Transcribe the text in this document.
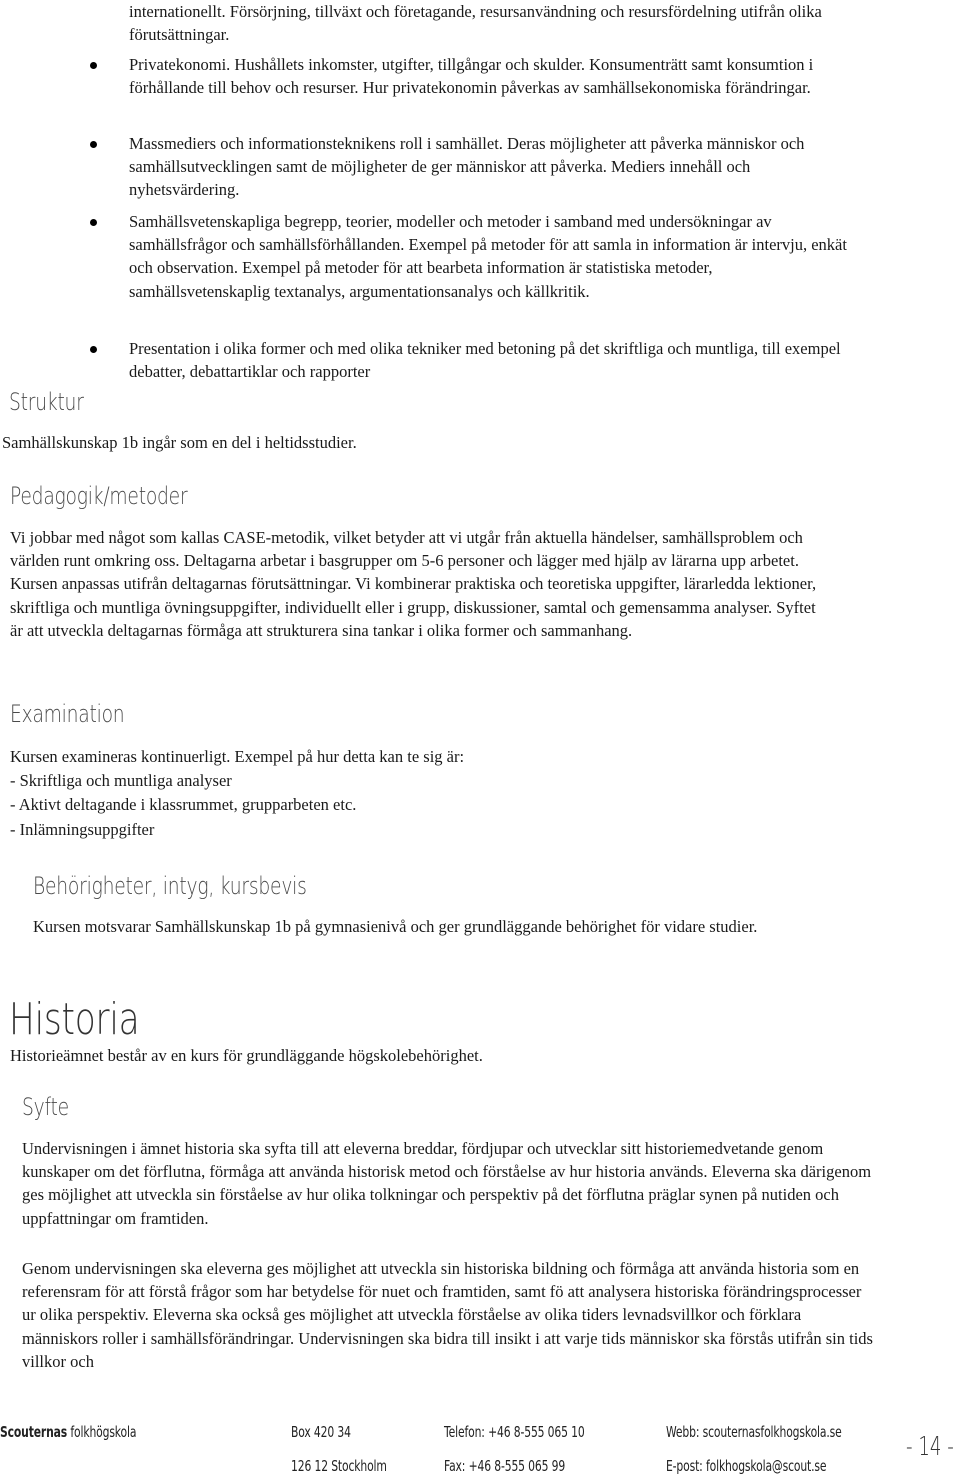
internationellt. Försörjning, tillväxt och företagande, resursanvändning och resursfördelning utifrån olika förutsättningar.

Privatekonomi. Hushållets inkomster, utgifter, tillgångar och skulder. Konsumenträtt samt konsumtion i förhållande till behov och resurser. Hur privatekonomin påverkas av samhällsekonomiska förändringar.

Massmediers och informationsteknikens roll i samhället. Deras möjligheter att påverka människor och samhällsutvecklingen samt de möjligheter de ger människor att påverka. Mediers innehåll och nyhetsvärdering.

Samhällsvetenskapliga begrepp, teorier, modeller och metoder i samband med undersökningar av samhällsfrågor och samhällsförhållanden. Exempel på metoder för att samla in information är intervju, enkät och observation. Exempel på metoder för att bearbeta information är statistiska metoder, samhällsvetenskaplig textanalys, argumentationsanalys och källkritik.

Presentation i olika former och med olika tekniker med betoning på det skriftliga och muntliga, till exempel debatter, debattartiklar och rapporter

Struktur

Samhällskunskap 1b ingår som en del i heltidsstudier.

Pedagogik/metoder

Vi jobbar med något som kallas CASE-metodik, vilket betyder att vi utgår från aktuella händelser, samhällsproblem och världen runt omkring oss. Deltagarna arbetar i basgrupper om 5-6 personer och lägger med hjälp av lärarna upp arbetet. Kursen anpassas utifrån deltagarnas förutsättningar. Vi kombinerar praktiska och teoretiska uppgifter, lärarledda lektioner, skriftliga och muntliga övningsuppgifter, individuellt eller i grupp, diskussioner, samtal och gemensamma analyser. Syftet är att utveckla deltagarnas förmåga att strukturera sina tankar i olika former och sammanhang.

Examination

Kursen examineras kontinuerligt. Exempel på hur detta kan te sig är:

- Skriftliga och muntliga analyser

- Aktivt deltagande i klassrummet, grupparbeten etc.

- Inlämningsuppgifter

Behörigheter, intyg, kursbevis

Kursen motsvarar Samhällskunskap 1b på gymnasienivå och ger grundläggande behörighet för vidare studier.

Historia

Historieämnet består av en kurs för grundläggande högskolebehörighet.

Syfte

Undervisningen i ämnet historia ska syfta till att eleverna breddar, fördjupar och utvecklar sitt historiemedvetande genom kunskaper om det förflutna, förmåga att använda historisk metod och förståelse av hur historia används. Eleverna ska därigenom ges möjlighet att utveckla sin förståelse av hur olika tolkningar och perspektiv på det förflutna präglar synen på nutiden och uppfattningar om framtiden.

Genom undervisningen ska eleverna ges möjlighet att utveckla sin historiska bildning och förmåga att använda historia som en referensram för att förstå frågor som har betydelse för nuet och framtiden, samt fö att analysera historiska förändringsprocesser ur olika perspektiv. Eleverna ska också ges möjlighet att utveckla förståelse av olika tiders levnadsvillkor och förklara människors roller i samhällsförändringar. Undervisningen ska bidra till insikt i att varje tids människor ska förstås utifrån sin tids villkor och

Scouternas folkhögskola	Box 420 34
126 12 Stockholm
Telefon: +46 8-555 065 10
Fax: +46 8-555 065 99
Webb: scouternasfolkhogskola.se
E-post: folkhogskola@scout.se
- 14 -
